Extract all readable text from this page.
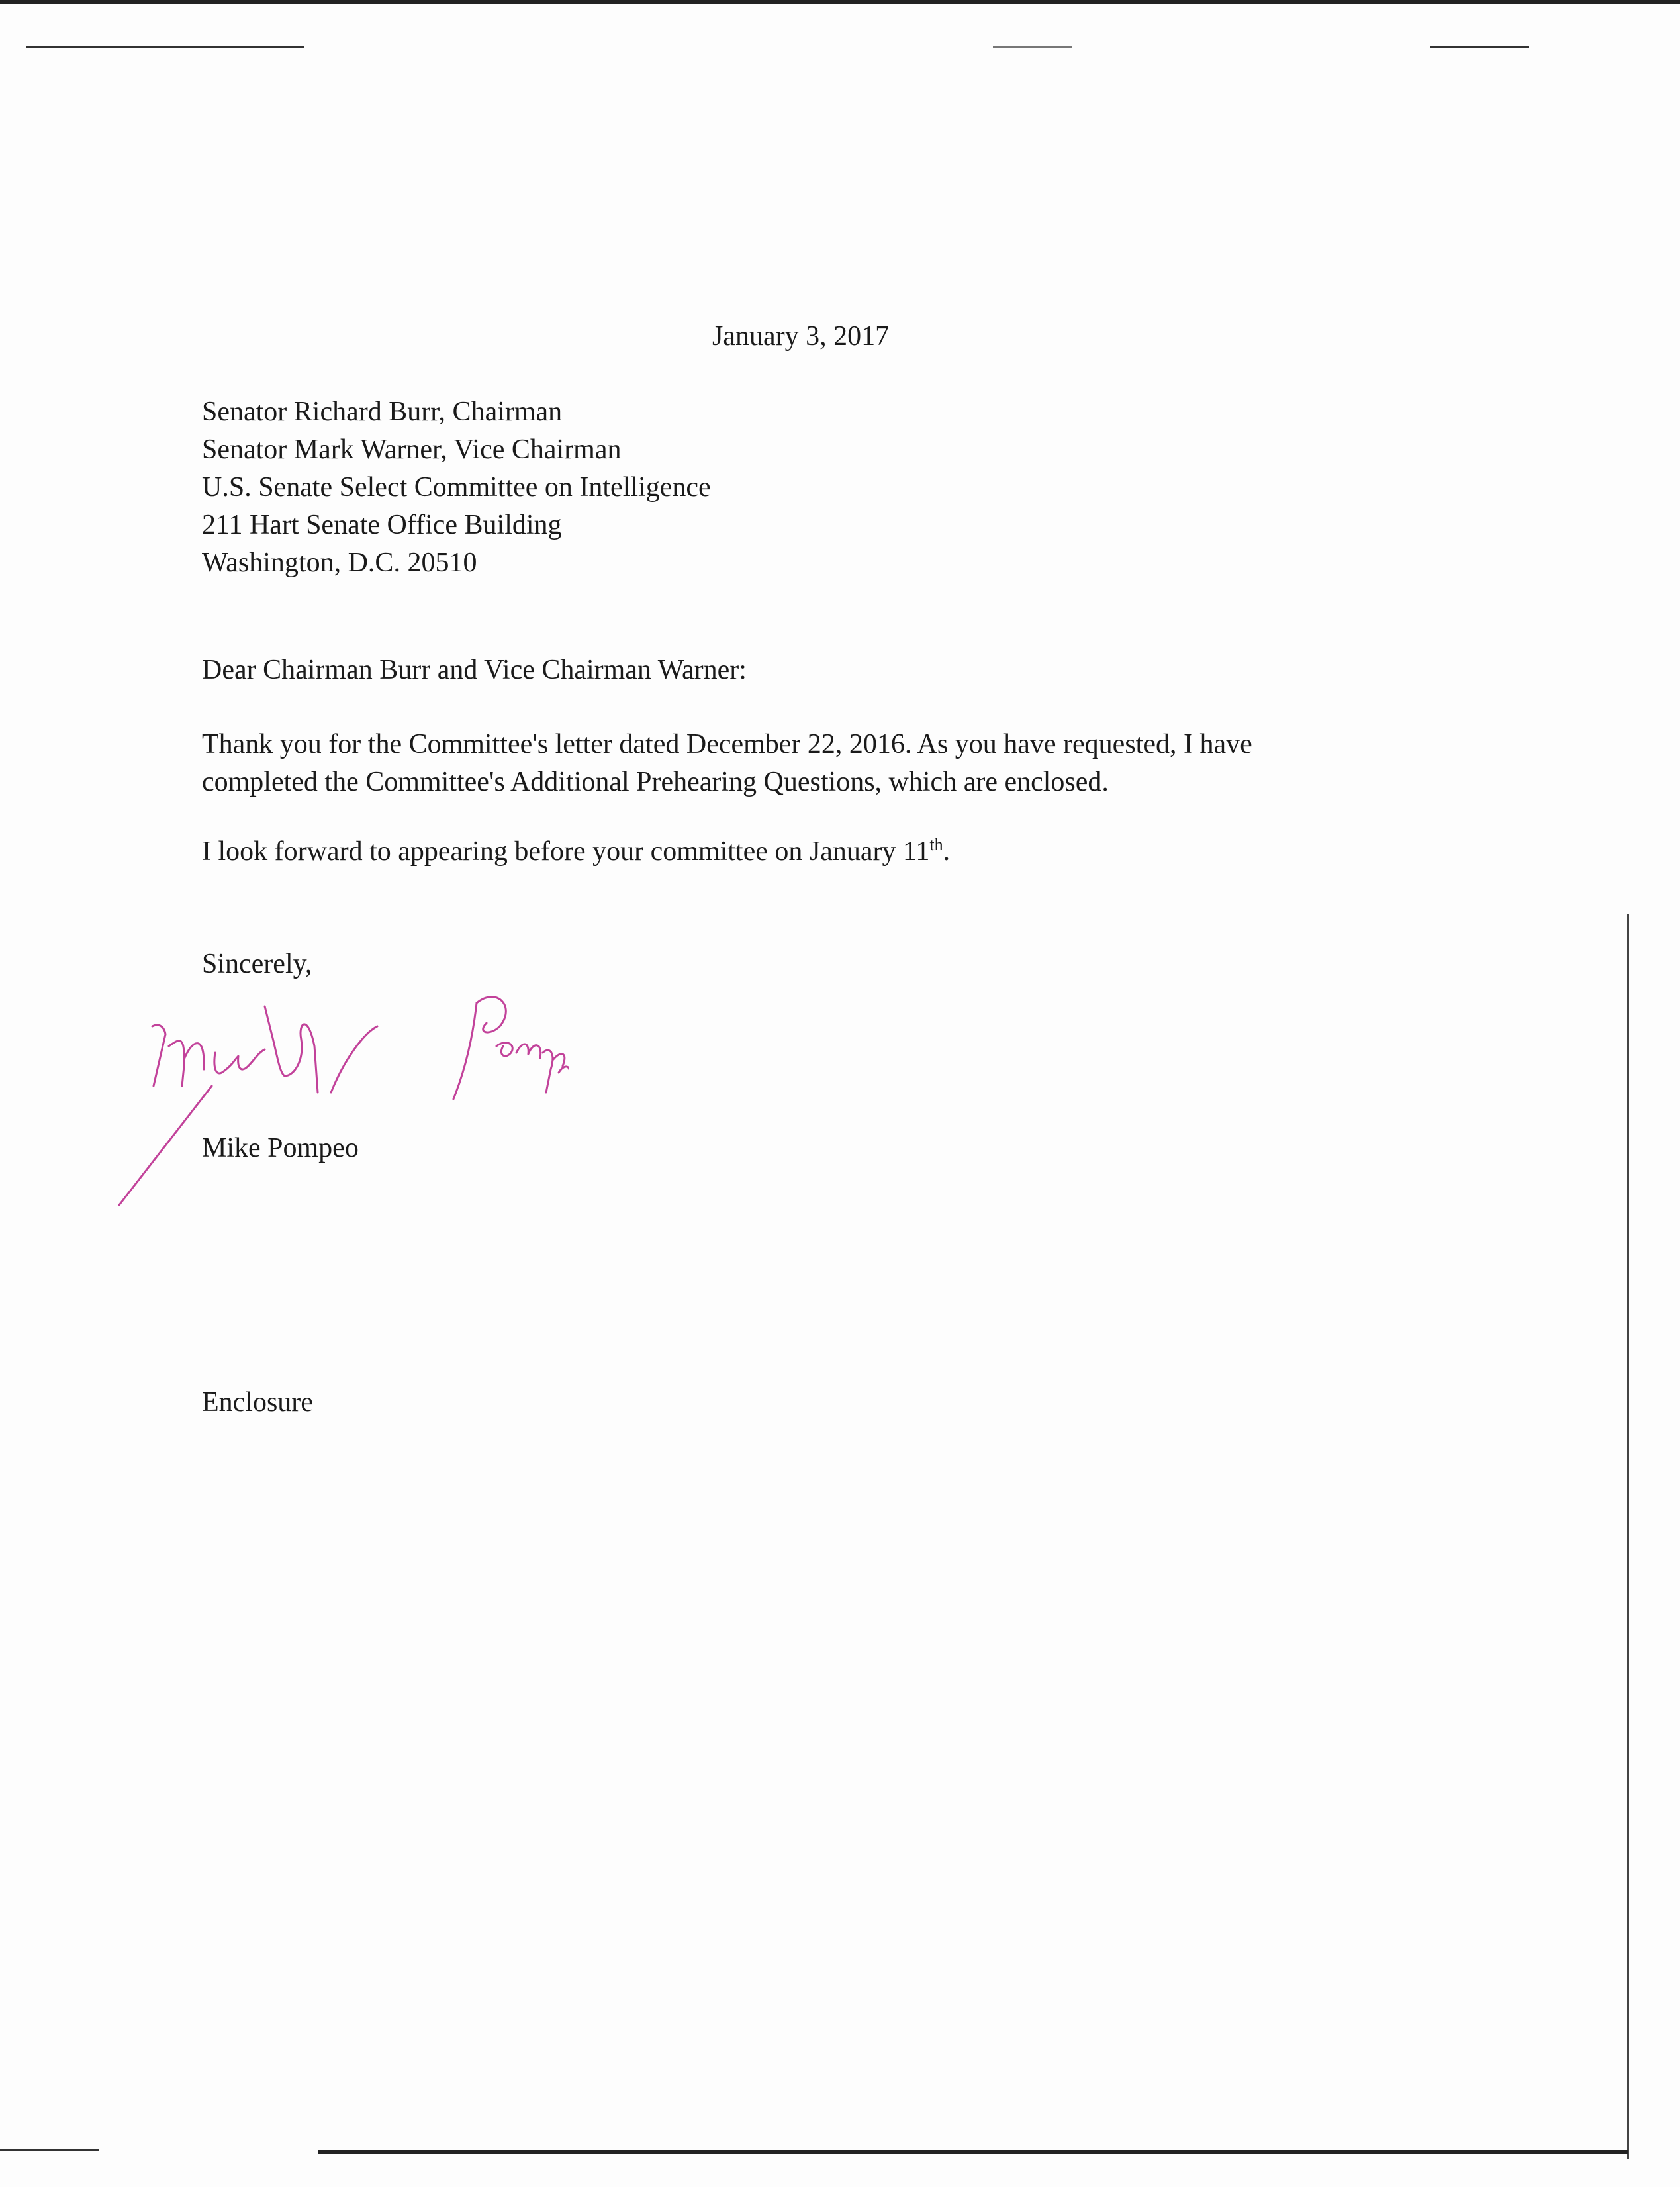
January 3, 2017
Senator Richard Burr, Chairman
Senator Mark Warner, Vice Chairman
U.S. Senate Select Committee on Intelligence
211 Hart Senate Office Building
Washington, D.C. 20510
Dear Chairman Burr and Vice Chairman Warner:
Thank you for the Committee's letter dated December 22, 2016. As you have requested, I have
completed the Committee's Additional Prehearing Questions, which are enclosed.
I look forward to appearing before your committee on January 11th.
Sincerely,
Mike Pompeo
Enclosure
